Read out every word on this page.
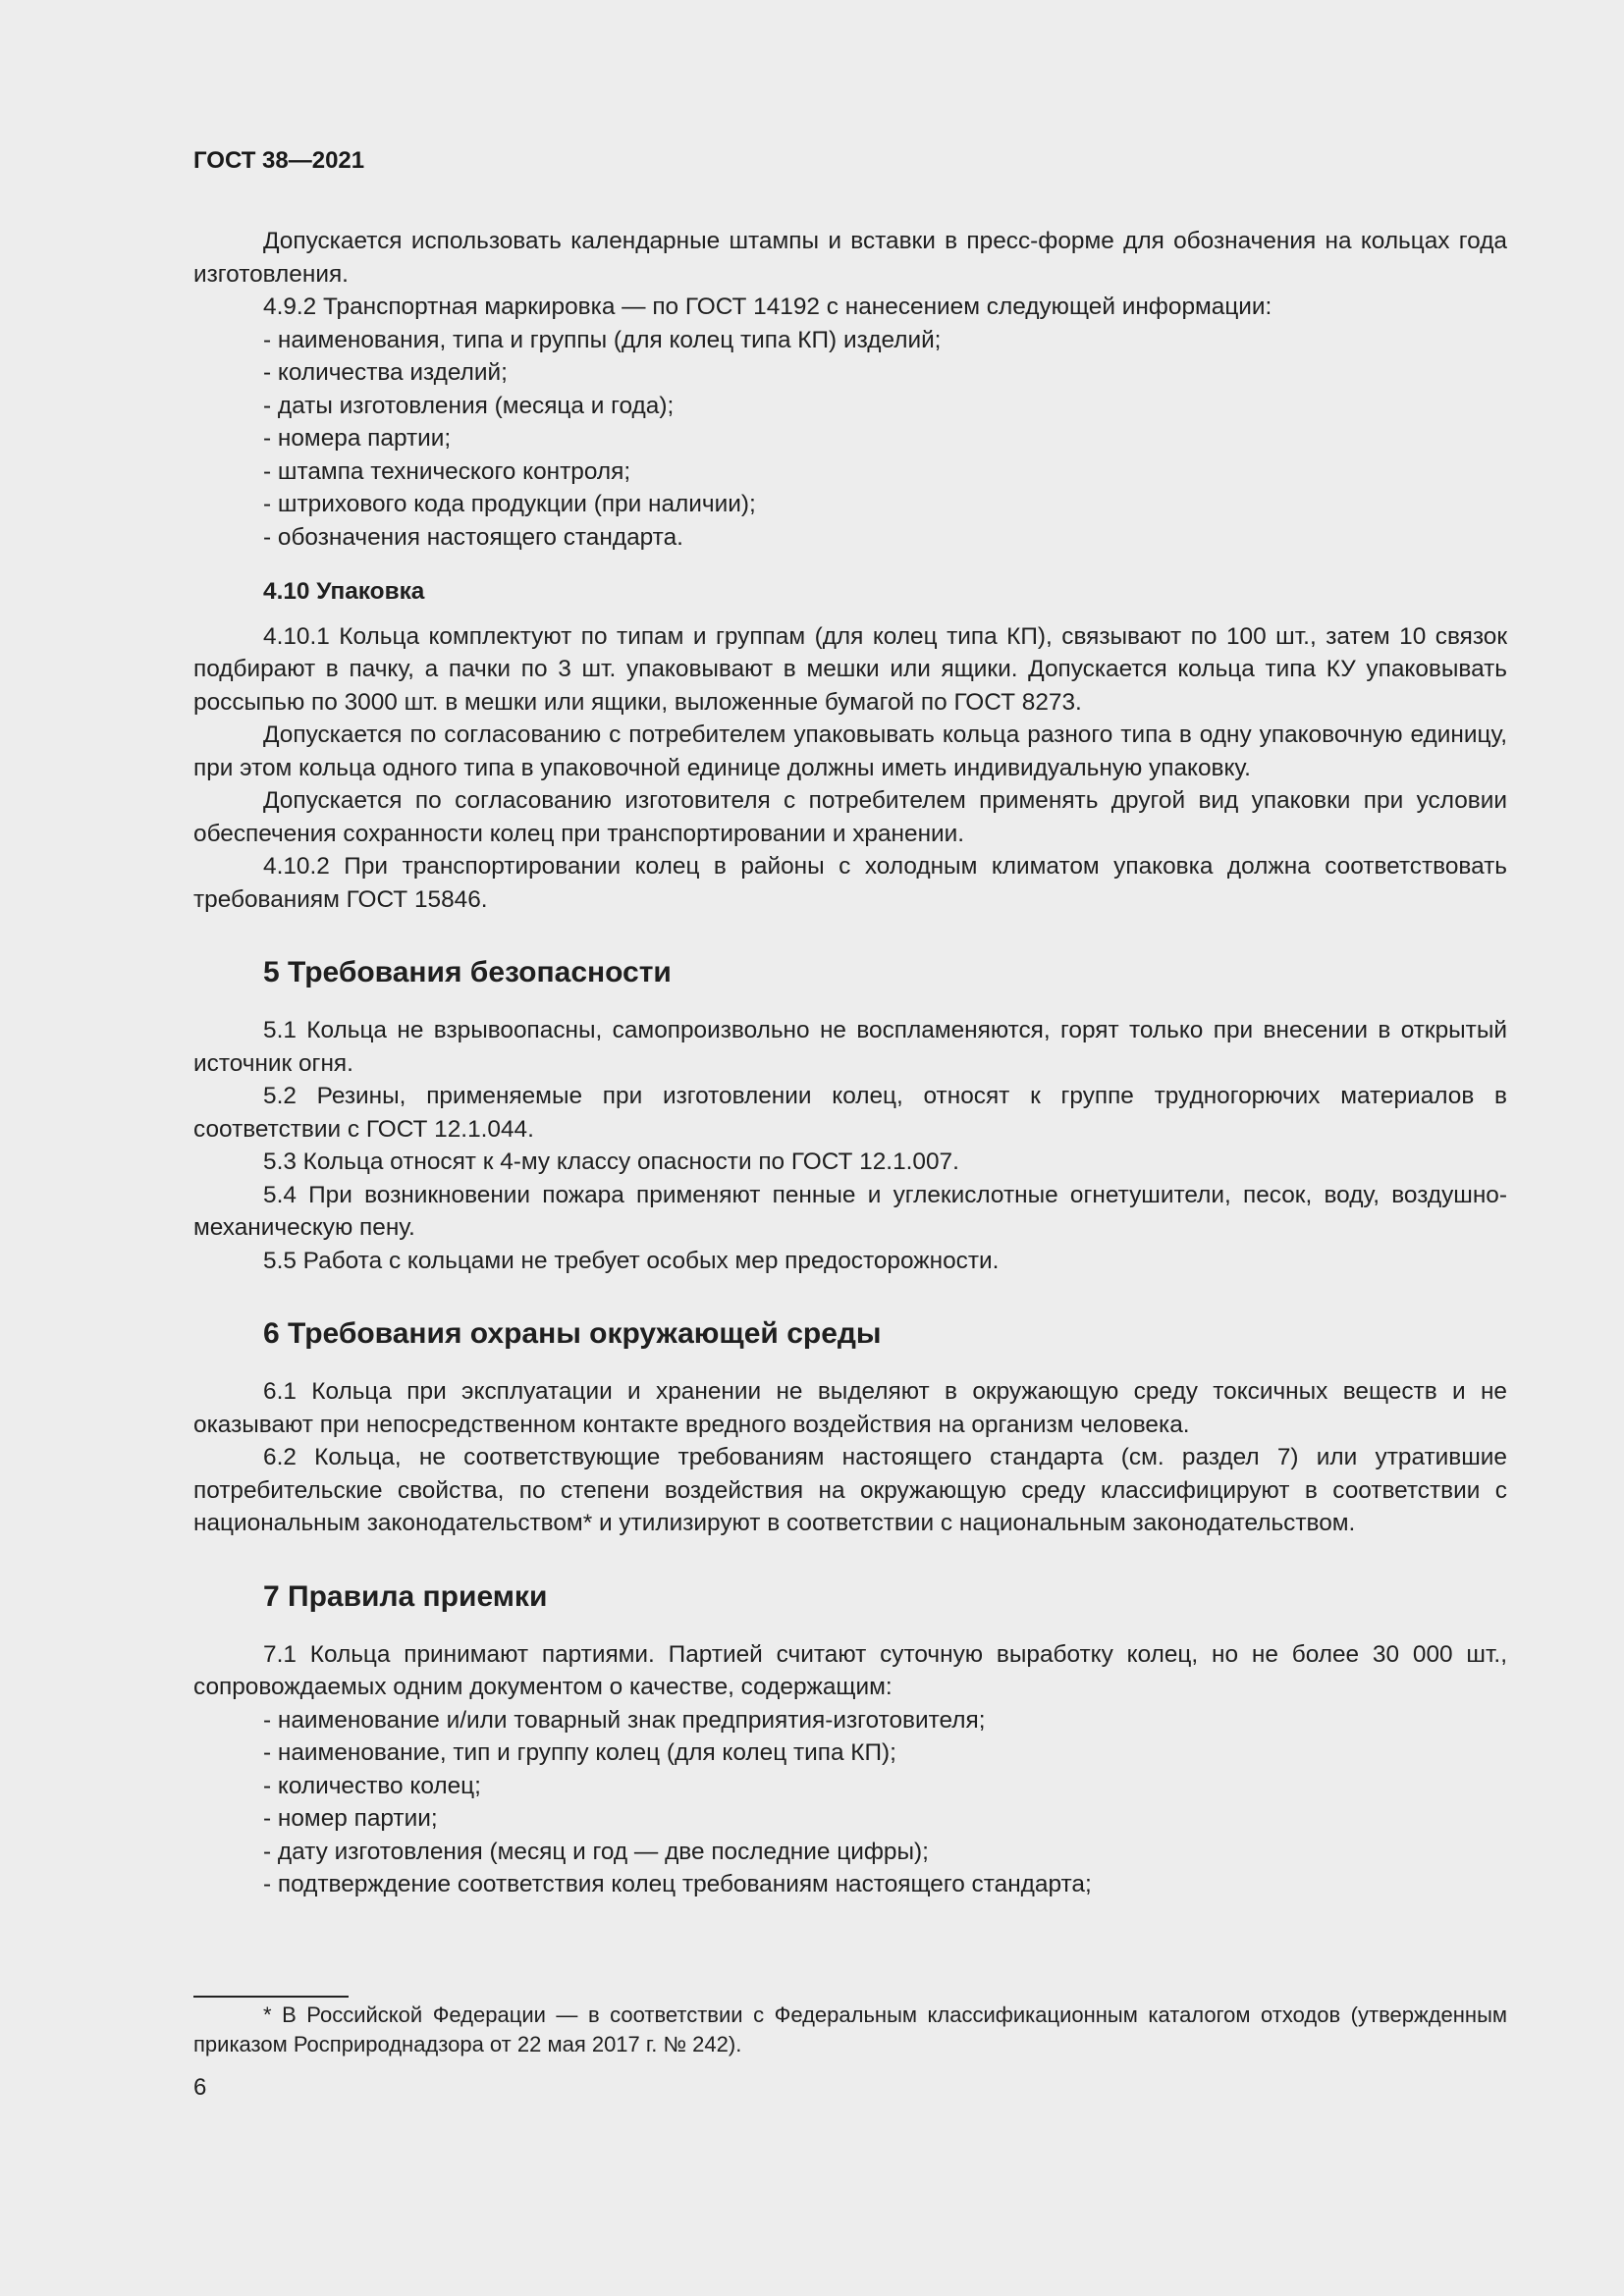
ГОСТ 38—2021

Допускается использовать календарные штампы и вставки в пресс-форме для обозначения на кольцах года изготовления.

4.9.2 Транспортная маркировка — по ГОСТ 14192 с нанесением следующей информации:

- наименования, типа и группы (для колец типа КП) изделий;

- количества изделий;

- даты изготовления (месяца и года);

- номера партии;

- штампа технического контроля;

- штрихового кода продукции (при наличии);

- обозначения настоящего стандарта.

4.10 Упаковка

4.10.1 Кольца комплектуют по типам и группам (для колец типа КП), связывают по 100 шт., затем 10 связок подбирают в пачку, а пачки по 3 шт. упаковывают в мешки или ящики. Допускается кольца типа КУ упаковывать россыпью по 3000 шт. в мешки или ящики, выложенные бумагой по ГОСТ 8273.

Допускается по согласованию с потребителем упаковывать кольца разного типа в одну упаковочную единицу, при этом кольца одного типа в упаковочной единице должны иметь индивидуальную упаковку.

Допускается по согласованию изготовителя с потребителем применять другой вид упаковки при условии обеспечения сохранности колец при транспортировании и хранении.

4.10.2 При транспортировании колец в районы с холодным климатом упаковка должна соответствовать требованиям ГОСТ 15846.

5 Требования безопасности

5.1 Кольца не взрывоопасны, самопроизвольно не воспламеняются, горят только при внесении в открытый источник огня.

5.2 Резины, применяемые при изготовлении колец, относят к группе трудногорючих материалов в соответствии с ГОСТ 12.1.044.

5.3 Кольца относят к 4-му классу опасности по ГОСТ 12.1.007.

5.4 При возникновении пожара применяют пенные и углекислотные огнетушители, песок, воду, воздушно-механическую пену.

5.5 Работа с кольцами не требует особых мер предосторожности.

6 Требования охраны окружающей среды

6.1 Кольца при эксплуатации и хранении не выделяют в окружающую среду токсичных веществ и не оказывают при непосредственном контакте вредного воздействия на организм человека.

6.2 Кольца, не соответствующие требованиям настоящего стандарта (см. раздел 7) или утратившие потребительские свойства, по степени воздействия на окружающую среду классифицируют в соответствии с национальным законодательством* и утилизируют в соответствии с национальным законодательством.

7 Правила приемки

7.1 Кольца принимают партиями. Партией считают суточную выработку колец, но не более 30 000 шт., сопровождаемых одним документом о качестве, содержащим:

- наименование и/или товарный знак предприятия-изготовителя;

- наименование, тип и группу колец (для колец типа КП);

- количество колец;

- номер партии;

- дату изготовления (месяц и год — две последние цифры);

- подтверждение соответствия колец требованиям настоящего стандарта;

* В Российской Федерации — в соответствии с Федеральным классификационным каталогом отходов (утвержденным приказом Росприроднадзора от 22 мая 2017 г. № 242).

6
